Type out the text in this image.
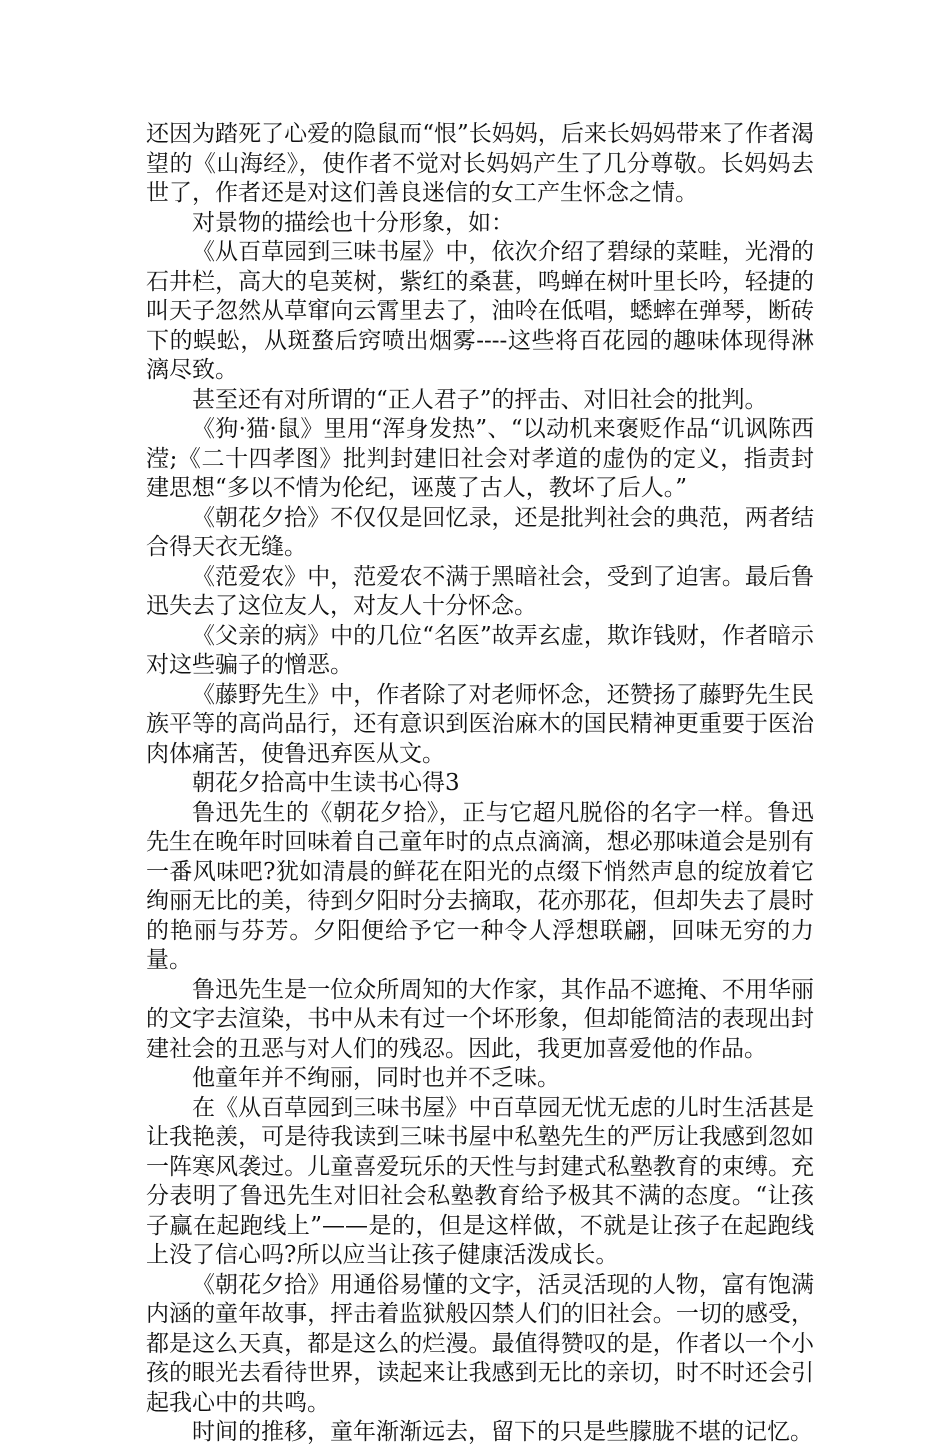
还因为踏死了心爱的隐鼠而“恨”长妈妈，后来长妈妈带来了作者渴望的《山海经》，使作者不觉对长妈妈产生了几分尊敬。长妈妈去世了，作者还是对这们善良迷信的女工产生怀念之情。

对景物的描绘也十分形象，如：

《从百草园到三味书屋》中，依次介绍了碧绿的菜畦，光滑的石井栏，高大的皂荚树，紫红的桑葚，鸣蝉在树叶里长吟，轻捷的叫天子忽然从草窜向云霄里去了，油呤在低唱，蟋蟀在弹琴，断砖下的蜈蚣，从斑蝥后窍喷出烟雾----这些将百花园的趣味体现得淋漓尽致。

甚至还有对所谓的“正人君子”的抨击、对旧社会的批判。

《狗·猫·鼠》里用“浑身发热”、“以动机来褒贬作品“讥讽陈西滢;《二十四孝图》批判封建旧社会对孝道的虚伪的定义，指责封建思想“多以不情为伦纪，诬蔑了古人，教坏了后人。”

《朝花夕拾》不仅仅是回忆录，还是批判社会的典范，两者结合得天衣无缝。

《范爱农》中，范爱农不满于黑暗社会，受到了迫害。最后鲁迅失去了这位友人，对友人十分怀念。

《父亲的病》中的几位“名医”故弄玄虚，欺诈钱财，作者暗示对这些骗子的憎恶。

《藤野先生》中，作者除了对老师怀念，还赞扬了藤野先生民族平等的高尚品行，还有意识到医治麻木的国民精神更重要于医治肉体痛苦，使鲁迅弃医从文。

朝花夕拾高中生读书心得3

鲁迅先生的《朝花夕拾》，正与它超凡脱俗的名字一样。鲁迅先生在晚年时回味着自己童年时的点点滴滴，想必那味道会是别有一番风味吧?犹如清晨的鲜花在阳光的点缀下悄然声息的绽放着它绚丽无比的美，待到夕阳时分去摘取，花亦那花，但却失去了晨时的艳丽与芬芳。夕阳便给予它一种令人浮想联翩，回味无穷的力量。

鲁迅先生是一位众所周知的大作家，其作品不遮掩、不用华丽的文字去渲染，书中从未有过一个坏形象，但却能简洁的表现出封建社会的丑恶与对人们的残忍。因此，我更加喜爱他的作品。

他童年并不绚丽，同时也并不乏味。

在《从百草园到三味书屋》中百草园无忧无虑的儿时生活甚是让我艳羡，可是待我读到三味书屋中私塾先生的严厉让我感到忽如一阵寒风袭过。儿童喜爱玩乐的天性与封建式私塾教育的束缚。充分表明了鲁迅先生对旧社会私塾教育给予极其不满的态度。“让孩子赢在起跑线上”——是的，但是这样做，不就是让孩子在起跑线上没了信心吗?所以应当让孩子健康活泼成长。

《朝花夕拾》用通俗易懂的文字，活灵活现的人物，富有饱满内涵的童年故事，抨击着监狱般囚禁人们的旧社会。一切的感受，都是这么天真，都是这么的烂漫。最值得赞叹的是，作者以一个小孩的眼光去看待世界，读起来让我感到无比的亲切，时不时还会引起我心中的共鸣。

时间的推移，童年渐渐远去，留下的只是些朦胧不堪的记忆。
